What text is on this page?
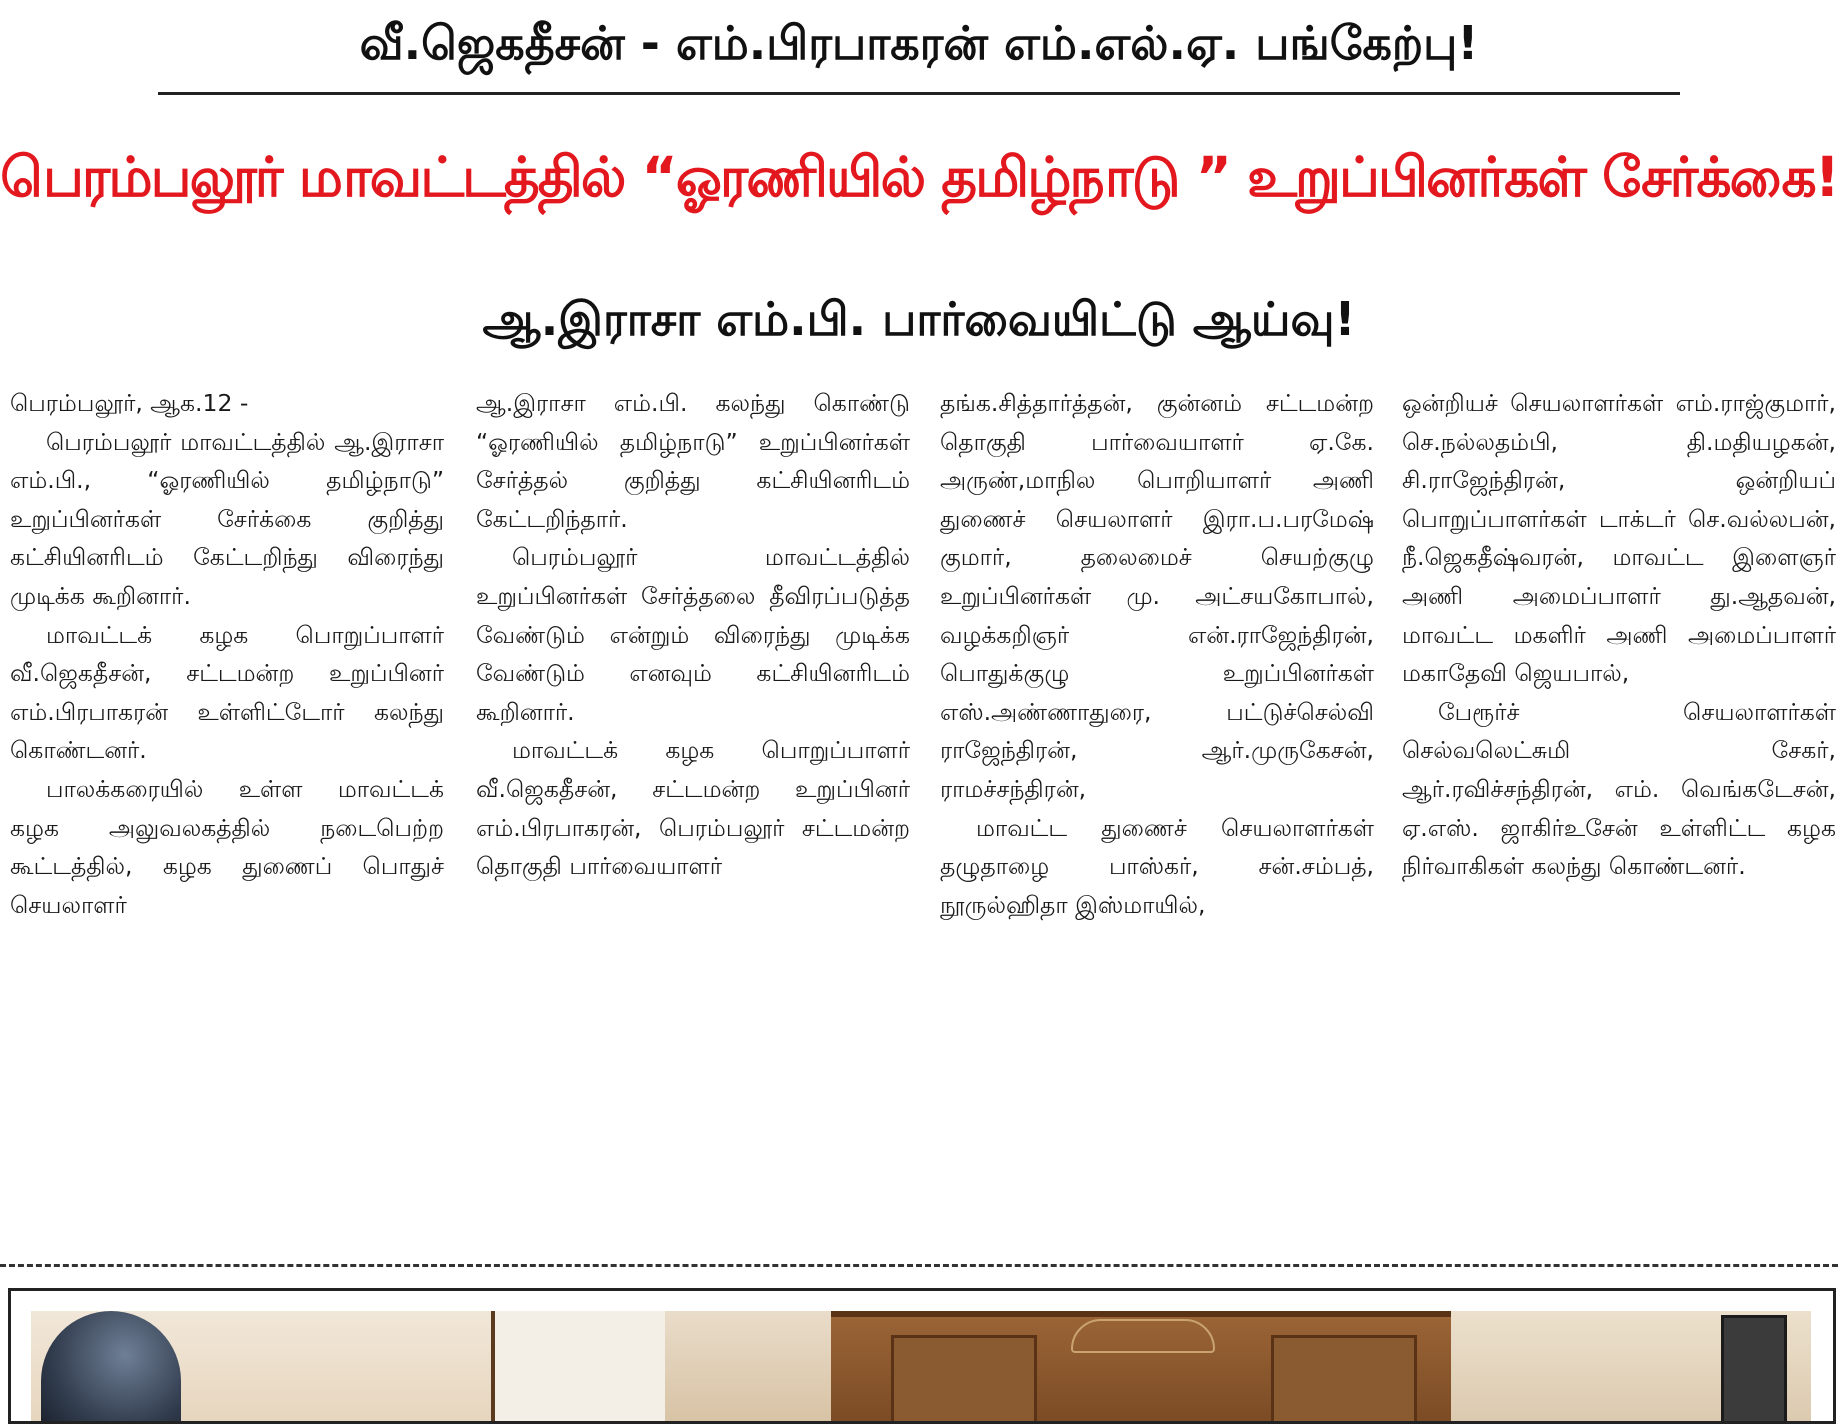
வீ.ஜெகதீசன் - எம்.பிரபாகரன் எம்.எல்.ஏ. பங்கேற்பு!
பெரம்பலூர் மாவட்டத்தில் “ஓரணியில் தமிழ்நாடு ” உறுப்பினர்கள் சேர்க்கை!
ஆ.இராசா எம்.பி. பார்வையிட்டு ஆய்வு!

பெரம்பலூர், ஆக.12 -

பெரம்பலூர் மாவட்டத்தில் ஆ.இராசா எம்.பி., “ஓரணியில் தமிழ்நாடு” உறுப்பினர்கள் சேர்க்கை குறித்து கட்சியினரிடம் கேட்டறிந்து விரைந்து முடிக்க கூறினார்.

மாவட்டக் கழக பொறுப்பாளர் வீ.ஜெகதீசன், சட்டமன்ற உறுப்பினர் எம்.பிரபாகரன் உள்ளிட்டோர் கலந்து கொண்டனர்.

பாலக்கரையில் உள்ள மாவட்டக் கழக அலுவலகத்தில் நடைபெற்ற கூட்டத்தில், கழக துணைப் பொதுச் செயலாளர்

ஆ.இராசா எம்.பி. கலந்து கொண்டு “ஓரணியில் தமிழ்நாடு” உறுப்பினர்கள் சேர்த்தல் குறித்து கட்சியினரிடம் கேட்டறிந்தார்.

பெரம்பலூர் மாவட்டத்தில் உறுப்பினர்கள் சேர்த்தலை தீவிரப்படுத்த வேண்டும் என்றும் விரைந்து முடிக்க வேண்டும் எனவும் கட்சியினரிடம் கூறினார்.

மாவட்டக் கழக பொறுப்பாளர் வீ.ஜெகதீசன், சட்டமன்ற உறுப்பினர் எம்.பிரபாகரன், பெரம்பலூர் சட்டமன்ற தொகுதி பார்வையாளர்

தங்க.சித்தார்த்தன், குன்னம் சட்டமன்ற தொகுதி பார்வையாளர் ஏ.கே. அருண்,மாநில பொறியாளர் அணி துணைச் செயலாளர் இரா.ப.பரமேஷ் குமார், தலைமைச் செயற்குழு உறுப்பினர்கள் மு. அட்சயகோபால், வழக்கறிஞர் என்.ராஜேந்திரன், பொதுக்குழு உறுப்பினர்கள் எஸ்.அண்ணாதுரை, பட்டுச்செல்வி ராஜேந்திரன், ஆர்.முருகேசன், ராமச்சந்திரன்,

மாவட்ட துணைச் செயலாளர்கள் தழுதாழை பாஸ்கர், சன்.சம்பத், நூருல்ஹிதா இஸ்மாயில்,

ஒன்றியச் செயலாளர்கள் எம்.ராஜ்குமார், செ.நல்லதம்பி, தி.மதியழகன், சி.ராஜேந்திரன், ஒன்றியப் பொறுப்பாளர்கள் டாக்டர் செ.வல்லபன், நீ.ஜெகதீஷ்வரன், மாவட்ட இளைஞர் அணி அமைப்பாளர் து.ஆதவன், மாவட்ட மகளிர் அணி அமைப்பாளர் மகாதேவி ஜெயபால்,

பேரூர்ச் செயலாளர்கள் செல்வலெட்சுமி சேகர், ஆர்.ரவிச்சந்திரன், எம். வெங்கடேசன், ஏ.எஸ். ஜாகிர்உசேன் உள்ளிட்ட கழக நிர்வாகிகள் கலந்து கொண்டனர்.
